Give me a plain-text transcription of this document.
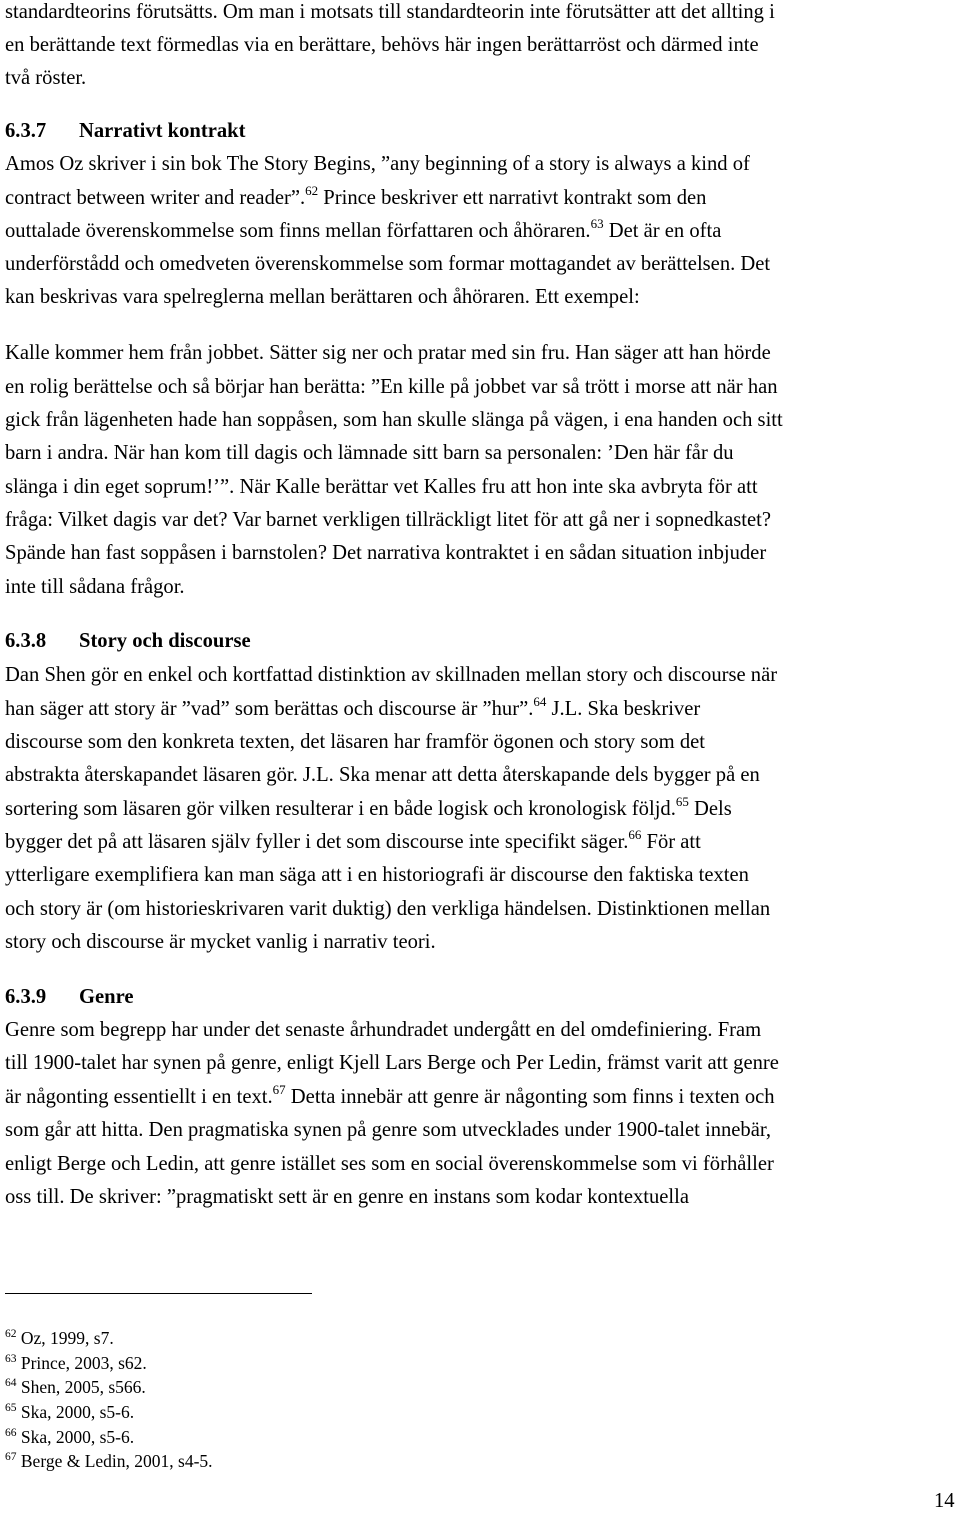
standardteorins förutsätts. Om man i motsats till standardteorin inte förutsätter att det allting i
en berättande text förmedlas via en berättare, behövs här ingen berättarröst och därmed inte
två röster.
6.3.7 Narrativt kontrakt
Amos Oz skriver i sin bok The Story Begins, ”any beginning of a story is always a kind of
contract between writer and reader”.$^{62}$ Prince beskriver ett narrativt kontrakt som den
outtalade överenskommelse som finns mellan författaren och åhöraren.$^{63}$ Det är en ofta
underförstådd och omedveten överenskommelse som formar mottagandet av berättelsen. Det
kan beskrivas vara spelreglerna mellan berättaren och åhöraren. Ett exempel:
Kalle kommer hem från jobbet. Sätter sig ner och pratar med sin fru. Han säger att han hörde
en rolig berättelse och så börjar han berätta: ”En kille på jobbet var så trött i morse att när han
gick från lägenheten hade han soppåsen, som han skulle slänga på vägen, i ena handen och sitt
barn i andra. När han kom till dagis och lämnade sitt barn sa personalen: ’Den här får du
slänga i din eget soprum!’”. När Kalle berättar vet Kalles fru att hon inte ska avbryta för att
fråga: Vilket dagis var det? Var barnet verkligen tillräckligt litet för att gå ner i sopnedkastet?
Spände han fast soppåsen i barnstolen? Det narrativa kontraktet i en sådan situation inbjuder
inte till sådana frågor.
6.3.8 Story och discourse
Dan Shen gör en enkel och kortfattad distinktion av skillnaden mellan story och discourse när
han säger att story är ”vad” som berättas och discourse är ”hur”.$^{64}$ J.L. Ska beskriver
discourse som den konkreta texten, det läsaren har framför ögonen och story som det
abstrakta återskapandet läsaren gör. J.L. Ska menar att detta återskapande dels bygger på en
sortering som läsaren gör vilken resulterar i en både logisk och kronologisk följd.$^{65}$ Dels
bygger det på att läsaren själv fyller i det som discourse inte specifikt säger.$^{66}$ För att
ytterligare exemplifiera kan man säga att i en historiografi är discourse den faktiska texten
och story är (om historieskrivaren varit duktig) den verkliga händelsen. Distinktionen mellan
story och discourse är mycket vanlig i narrativ teori.
6.3.9 Genre
Genre som begrepp har under det senaste århundradet undergått en del omdefiniering. Fram
till 1900-talet har synen på genre, enligt Kjell Lars Berge och Per Ledin, främst varit att genre
är någonting essentiellt i en text.$^{67}$ Detta innebär att genre är någonting som finns i texten och
som går att hitta. Den pragmatiska synen på genre som utvecklades under 1900-talet innebär,
enligt Berge och Ledin, att genre istället ses som en social överenskommelse som vi förhåller
oss till. De skriver: ”pragmatiskt sett är en genre en instans som kodar kontextuella
$^{62}$ Oz, 1999, s7.
$^{63}$ Prince, 2003, s62.
$^{64}$ Shen, 2005, s566.
$^{65}$ Ska, 2000, s5-6.
$^{66}$ Ska, 2000, s5-6.
$^{67}$ Berge & Ledin, 2001, s4-5.
14
